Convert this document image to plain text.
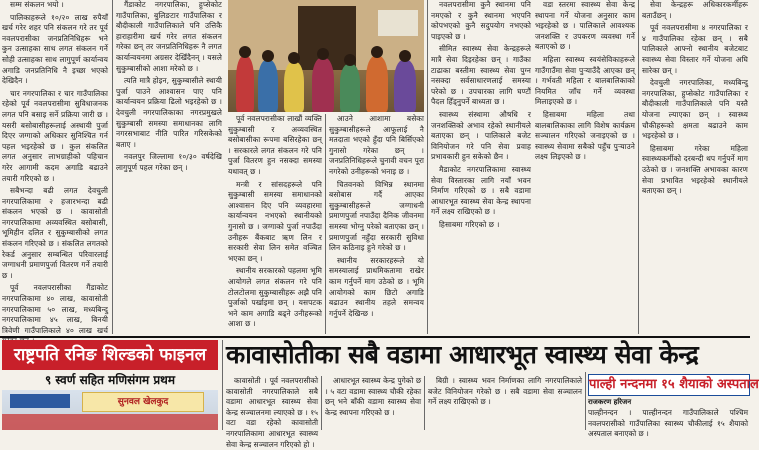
सम्म संकलन भयो ।

पालिकाहरूले १०/२० लाख रुपैयाँ खर्च गरेर शहर पनि संकलन गरे तर पूर्व नवलपरासीका जनप्रतिनिधिहरू भने कुन उत्साहका साथ लगत संकलन गर्ने सोही उत्साहका साथ लागुपूर्ण कार्यान्वय अगाडि जनप्रतिनिधि नै इच्छा भएको देखिदैन ।

चार नगरपालिका र चार गाउँपालिका रहेको पूर्व नवलपरासीमा सुविधाजनक लगत पनि बसाइ सर्ने प्रक्रिया जारी छ । यसरी बसोबासीहरूलाई अस्थायी पुर्जा दिएर जग्गाको अधिकार सुनिश्चित गर्न पहल भइरहेको छ । कुल संकलित लगत अनुसार लाभग्राहीको पहिचान गरेर आगामी कदम अगाडि बढाउने तयारी गरिएको छ ।

सबैभन्दा बढी लगत देवचुली नगरपालिकामा २ हजारभन्दा बढी संकलन भएको छ । कावासोती नगरपालिकामा अव्यवस्थित बसोबासी, भूमिहीन दलित र सुकुम्बासीको लगत संकलन गरिएको छ । संकलित लगतको रेकर्ड अनुसार सम्बन्धित परिवारलाई जग्गाधनी प्रमाणपुर्जा वितरण गर्ने तयारी छ ।

पूर्व नवलपरासीका गैंडाकोट नगरपालिकामा ४० लाख, कावासोती नगरपालिकामा ५० लाख, मध्यबिन्दु नगरपालिकामा ४५ लाख, बिनयी त्रिवेणी गाउँपालिकाले ४० लाख खर्च

गैंडाकोट नगरपालिका, हुप्सेकोट गाउँपालिका, बुलिङटार गाउँपालिका र बौदीकाली गाउँपालिकाले पनि उत्तिकै हाराहारीमा खर्च गरेर लगत संकलन गरेका छन् तर जनप्रतिनिधिहरू नै लगत कार्यान्वयनमा अग्रसर देखिँदैनन् । यसले सुकुम्बासीको आशा मरेको छ ।

त्यति मात्रै होइन, सुकुम्बासीले स्थायी पुर्जा पाउने आश्वासन पाए पनि कार्यान्वयन प्रक्रिया ढिलो भइरहेको छ । देवचुली नगरपालिकाका नगरप्रमुखले सुकुम्बासी समस्या समाधानका लागि नगरसभाबाट नीति पारित गरिसकेको बताए ।

नवलपुर जिल्लामा १०/३० वर्षदेखि लागुपूर्ण पहल गरेका छन् ।

पूर्व नवलपरासीका लाखौं व्यक्ति सुकुम्बासी र अव्यवस्थित बसोबासीका रूपमा बसिरहेका छन् । सरकारले लगत संकलन गरे पनि पुर्जा वितरण हुन नसक्दा समस्या यथावत् छ ।

मन्त्री र सांसदहरूले पनि सुकुम्बासी समस्या समाधानको आश्वासन दिए पनि व्यवहारमा कार्यान्वयन नभएको स्थानीयको गुनासो छ । जग्गाको पुर्जा नपाउँदा उनीहरू बैंकबाट ऋण लिन र सरकारी सेवा लिन समेत वञ्चित भएका छन् ।

स्थानीय सरकारको पहलमा भूमि आयोगले लगत संकलन गरे पनि टोलटोलमा सुकुम्बासीहरू अझै पनि पुर्जाको पर्खाइमा छन् । यसपटक भने काम अगाडि बढ्ने उनीहरूको आशा छ ।

आउने आशामा बसेका सुकुम्बासीहरूले आफूलाई नै मतदाता भएको हुँदा पनि बिर्सिएको गुनासो गरेका छन् । जनप्रतिनिधिहरूले चुनावी वचन पूरा नगरेको उनीहरूको भनाइ छ ।

चितवनको विभिन्न स्थानमा बसोबास गर्दै आएका सुकुम्बासीहरूले जग्गाधनी प्रमाणपुर्जा नपाउँदा दैनिक जीवनमा समस्या भोग्नु परेको बताएका छन् । प्रमाणपुर्जा नहुँदा सरकारी सुविधा लिन कठिनाइ हुने गरेको छ ।

स्थानीय सरकारहरूले यो समस्यालाई प्राथमिकतामा राखेर काम गर्नुपर्ने माग उठेको छ । भूमि आयोगको काम छिटो अगाडि बढाउन स्थानीय तहले समन्वय गर्नुपर्ने देखिन्छ ।

नवलपरासीमा कुनै स्थानमा पनि नमएको र कुनै स्थानमा भएपनि कोपभएको कुनै सदुपयोग नभएको पाइएको छ ।

सीमित स्वास्थ्य सेवा केन्द्रहरूले मात्रै सेवा दिइरहेका छन् । गाउँका टाढाका बस्तीमा स्वास्थ्य सेवा पुग्न नसक्दा सर्वसाधारणलाई समस्या परेको छ । उपचारका लागि घण्टौं पैदल हिँड्नुपर्ने बाध्यता छ ।

स्वास्थ्य संस्थामा औषधि र जनशक्तिको अभाव रहेको स्थानीयले बताएका छन् । पालिकाले बजेट विनियोजन गरे पनि सेवा प्रवाह प्रभावकारी हुन सकेको छैन ।

मैडाकोट नगरपालिकामा स्वास्थ्य सेवा विस्तारका लागि नयाँ भवन निर्माण गरिएको छ । सबै वडामा आधारभूत स्वास्थ्य सेवा केन्द्र स्थापना गर्ने लक्ष्य राखिएको छ ।

हिसाबमा गरिएको छ ।

वडा स्तरमा स्वास्थ्य सेवा केन्द्र स्थापना गर्ने योजना अनुसार काम भइरहेको छ । पालिकाले आवश्यक जनशक्ति र उपकरण व्यवस्था गर्ने बताएको छ ।

महिला स्वास्थ्य स्वयंसेविकाहरूले गाउँगाउँमा सेवा पुर्‍याउँदै आएका छन् । गर्भवती महिला र बालबालिकाको नियमित जाँच गर्ने व्यवस्था मिलाइएको छ ।

हिसाबमा महिला तथा बालबालिकाका लागि विशेष कार्यक्रम सञ्चालन गरिएको जनाइएको छ । स्वास्थ्य सेवामा सबैको पहुँच पुर्‍याउने लक्ष्य लिइएको छ ।

सेवा केन्द्रहरू अधिकारकर्मीहरू बताउँछन् ।

पूर्व नवलपरासीमा ४ नगरपालिका र ४ गाउँपालिका रहेका छन् । सबै पालिकाले आफ्नो स्थानीय बजेटबाट स्वास्थ्य सेवा विस्तार गर्ने योजना अघि सारेका छन् ।

देवचुली नगरपालिका, मध्यबिन्दु नगरपालिका, हुप्सेकोट गाउँपालिका र बौदीकाली गाउँपालिकाले पनि यस्तै योजना ल्याएका छन् । स्वास्थ्य चौकीहरूको क्षमता बढाउने काम भइरहेको छ ।

हिसाबमा गरेका महिला स्वास्थ्यकर्मीको दरबन्दी थप गर्नुपर्ने माग उठेको छ । जनशक्ति अभावका कारण सेवा प्रभावित भइरहेको स्थानीयले बताएका छन् ।

राष्ट्रपति रनिङ शिल्डको फाइनल
९ स्वर्ण सहित मणिसंगम प्रथम
सुनवल खेलकुद
कावासोतीका सबै वडामा आधारभूत स्वास्थ्य सेवा केन्द्र

कावासोती । पूर्व नवलपरासीको कावासोती नगरपालिकाले सबै वडामा आधारभूत स्वास्थ्य सेवा केन्द्र सञ्चालनमा ल्याएको छ । १५ वटा वडा रहेको कावासोती नगरपालिकामा आधारभूत स्वास्थ्य सेवा केन्द्र सञ्चालन गरिएको हो ।

आधारभूत स्वास्थ्य केन्द्र पुगेको छ । ५ वटा वडामा स्वास्थ्य चौकी रहेका छन् भने बाँकी वडामा स्वास्थ्य सेवा केन्द्र स्थापना गरिएको छ ।

बिग्री । स्वास्थ्य भवन निर्माणका लागि नगरपालिकाले बजेट विनियोजन गरेको छ । सबै वडामा सेवा सञ्चालन गर्ने लक्ष्य राखिएको छ ।

पाल्ही नन्दनमा १५ शैयाको अस्पताल
राजकरण हरिजन
पाल्हीनन्दन । पाल्हीनन्दन गाउँपालिकाले पश्चिम नवलपरासीको गाउँपालिका स्वास्थ्य चौकीलाई १५ शैयाको अस्पताल बनाएको छ ।
